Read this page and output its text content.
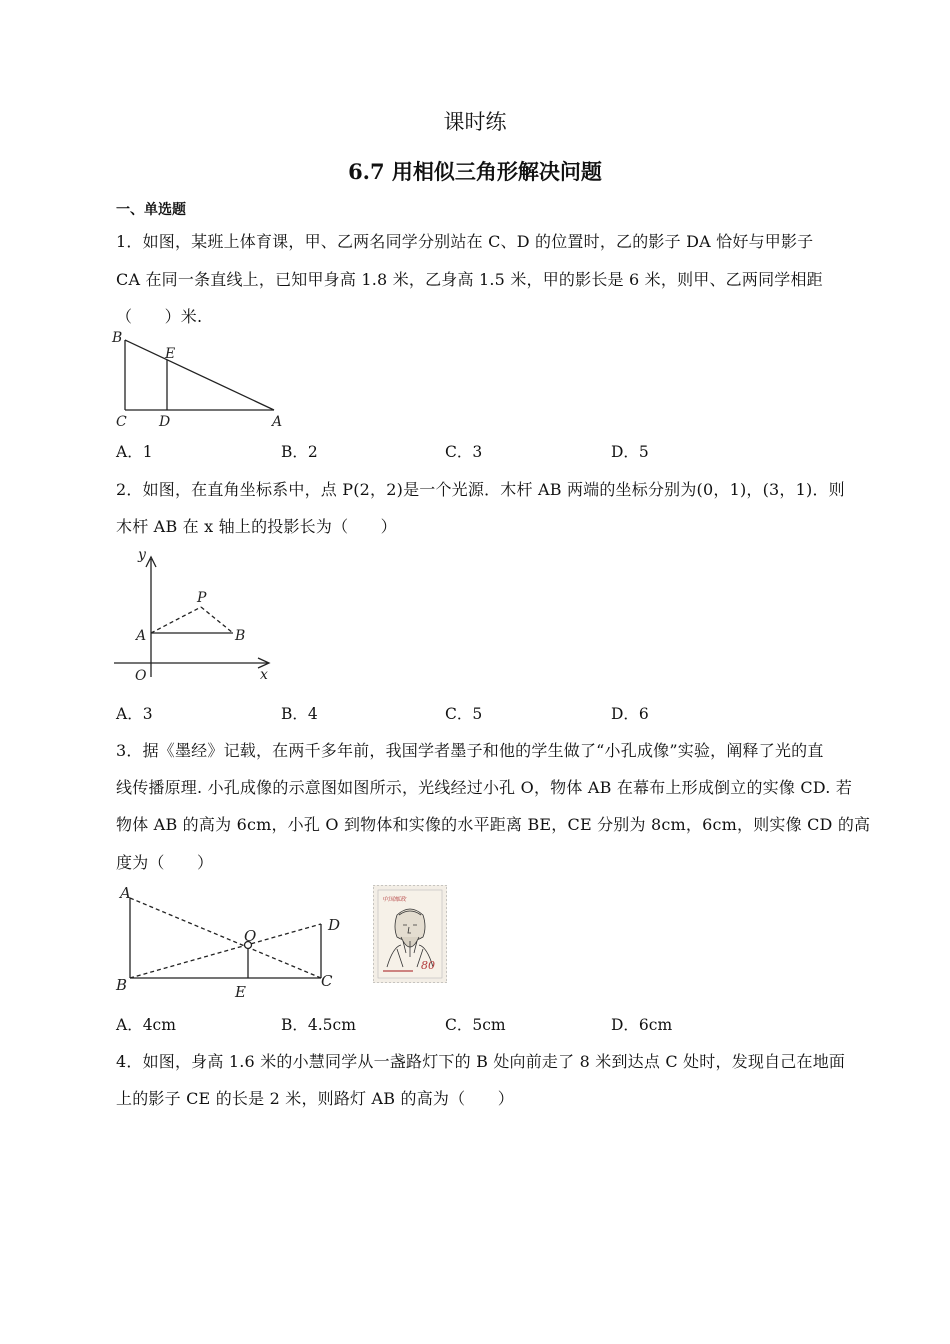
课时练
6.7 用相似三角形解决问题
一、单选题
1．如图，某班上体育课，甲、乙两名同学分别站在 C、D 的位置时，乙的影子 DA 恰好与甲影子
CA 在同一条直线上，已知甲身高 1.8 米，乙身高 1.5 米，甲的影长是 6 米，则甲、乙两同学相距
（　　）米.
B
E
C D	A
A．1	B．2	C．3	D．5
2．如图，在直角坐标系中，点 P(2，2)是一个光源．木杆 AB 两端的坐标分别为(0，1)，(3，1)．则
木杆 AB 在 x 轴上的投影长为（　　）
y
x
O
A	B
P
A．3	B．4	C．5	D．6
3．据《墨经》记载，在两千多年前，我国学者墨子和他的学生做了“小孔成像”实验，阐释了光的直
线传播原理. 小孔成像的示意图如图所示，光线经过小孔 O，物体 AB 在幕布上形成倒立的实像 CD. 若
物体 AB 的高为 6cm，小孔 O 到物体和实像的水平距离 BE，CE 分别为 8cm，6cm，则实像 CD 的高
度为（　　）
A
B
O
E
D
C
中国邮政
80
A．4cm	B．4.5cm	C．5cm	D．6cm
4．如图，身高 1.6 米的小慧同学从一盏路灯下的 B 处向前走了 8 米到达点 C 处时，发现自己在地面
上的影子 CE 的长是 2 米，则路灯 AB 的高为（　　）
